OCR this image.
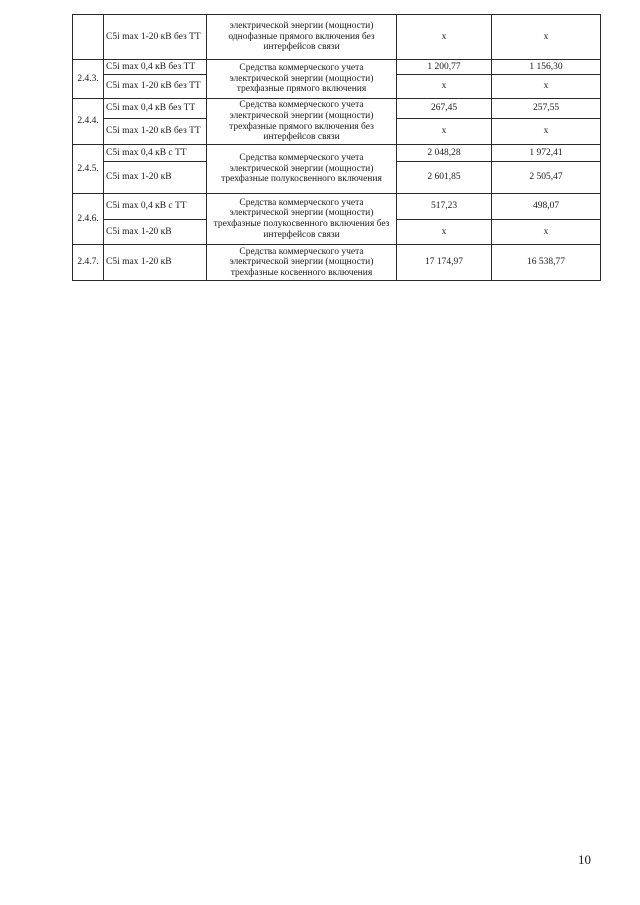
	C5i max 1-20 кВ без ТТ	электрической энергии (мощности) однофазные прямого включения без интерфейсов связи	x	x
2.4.3.	C5i max 0,4 кВ без ТТ	Средства коммерческого учета электрической энергии (мощности) трехфазные прямого включения	1 200,77	1 156,30
	C5i max 1-20 кВ без ТТ		x	x
2.4.4.	C5i max 0,4 кВ без ТТ	Средства коммерческого учета электрической энергии (мощности) трехфазные прямого включения без интерфейсов связи	267,45	257,55
	C5i max 1-20 кВ без ТТ		x	x
2.4.5.	C5i max 0,4 кВ с ТТ	Средства коммерческого учета электрической энергии (мощности) трехфазные полукосвенного включения	2 048,28	1 972,41
	C5i max 1-20 кВ		2 601,85	2 505,47
2.4.6.	C5i max 0,4 кВ с ТТ	Средства коммерческого учета электрической энергии (мощности) трехфазные полукосвенного включения без интерфейсов связи	517,23	498,07
	C5i max 1-20 кВ		x	x
2.4.7.	C5i max 1-20 кВ	Средства коммерческого учета электрической энергии (мощности) трехфазные косвенного включения	17 174,97	16 538,77
10
